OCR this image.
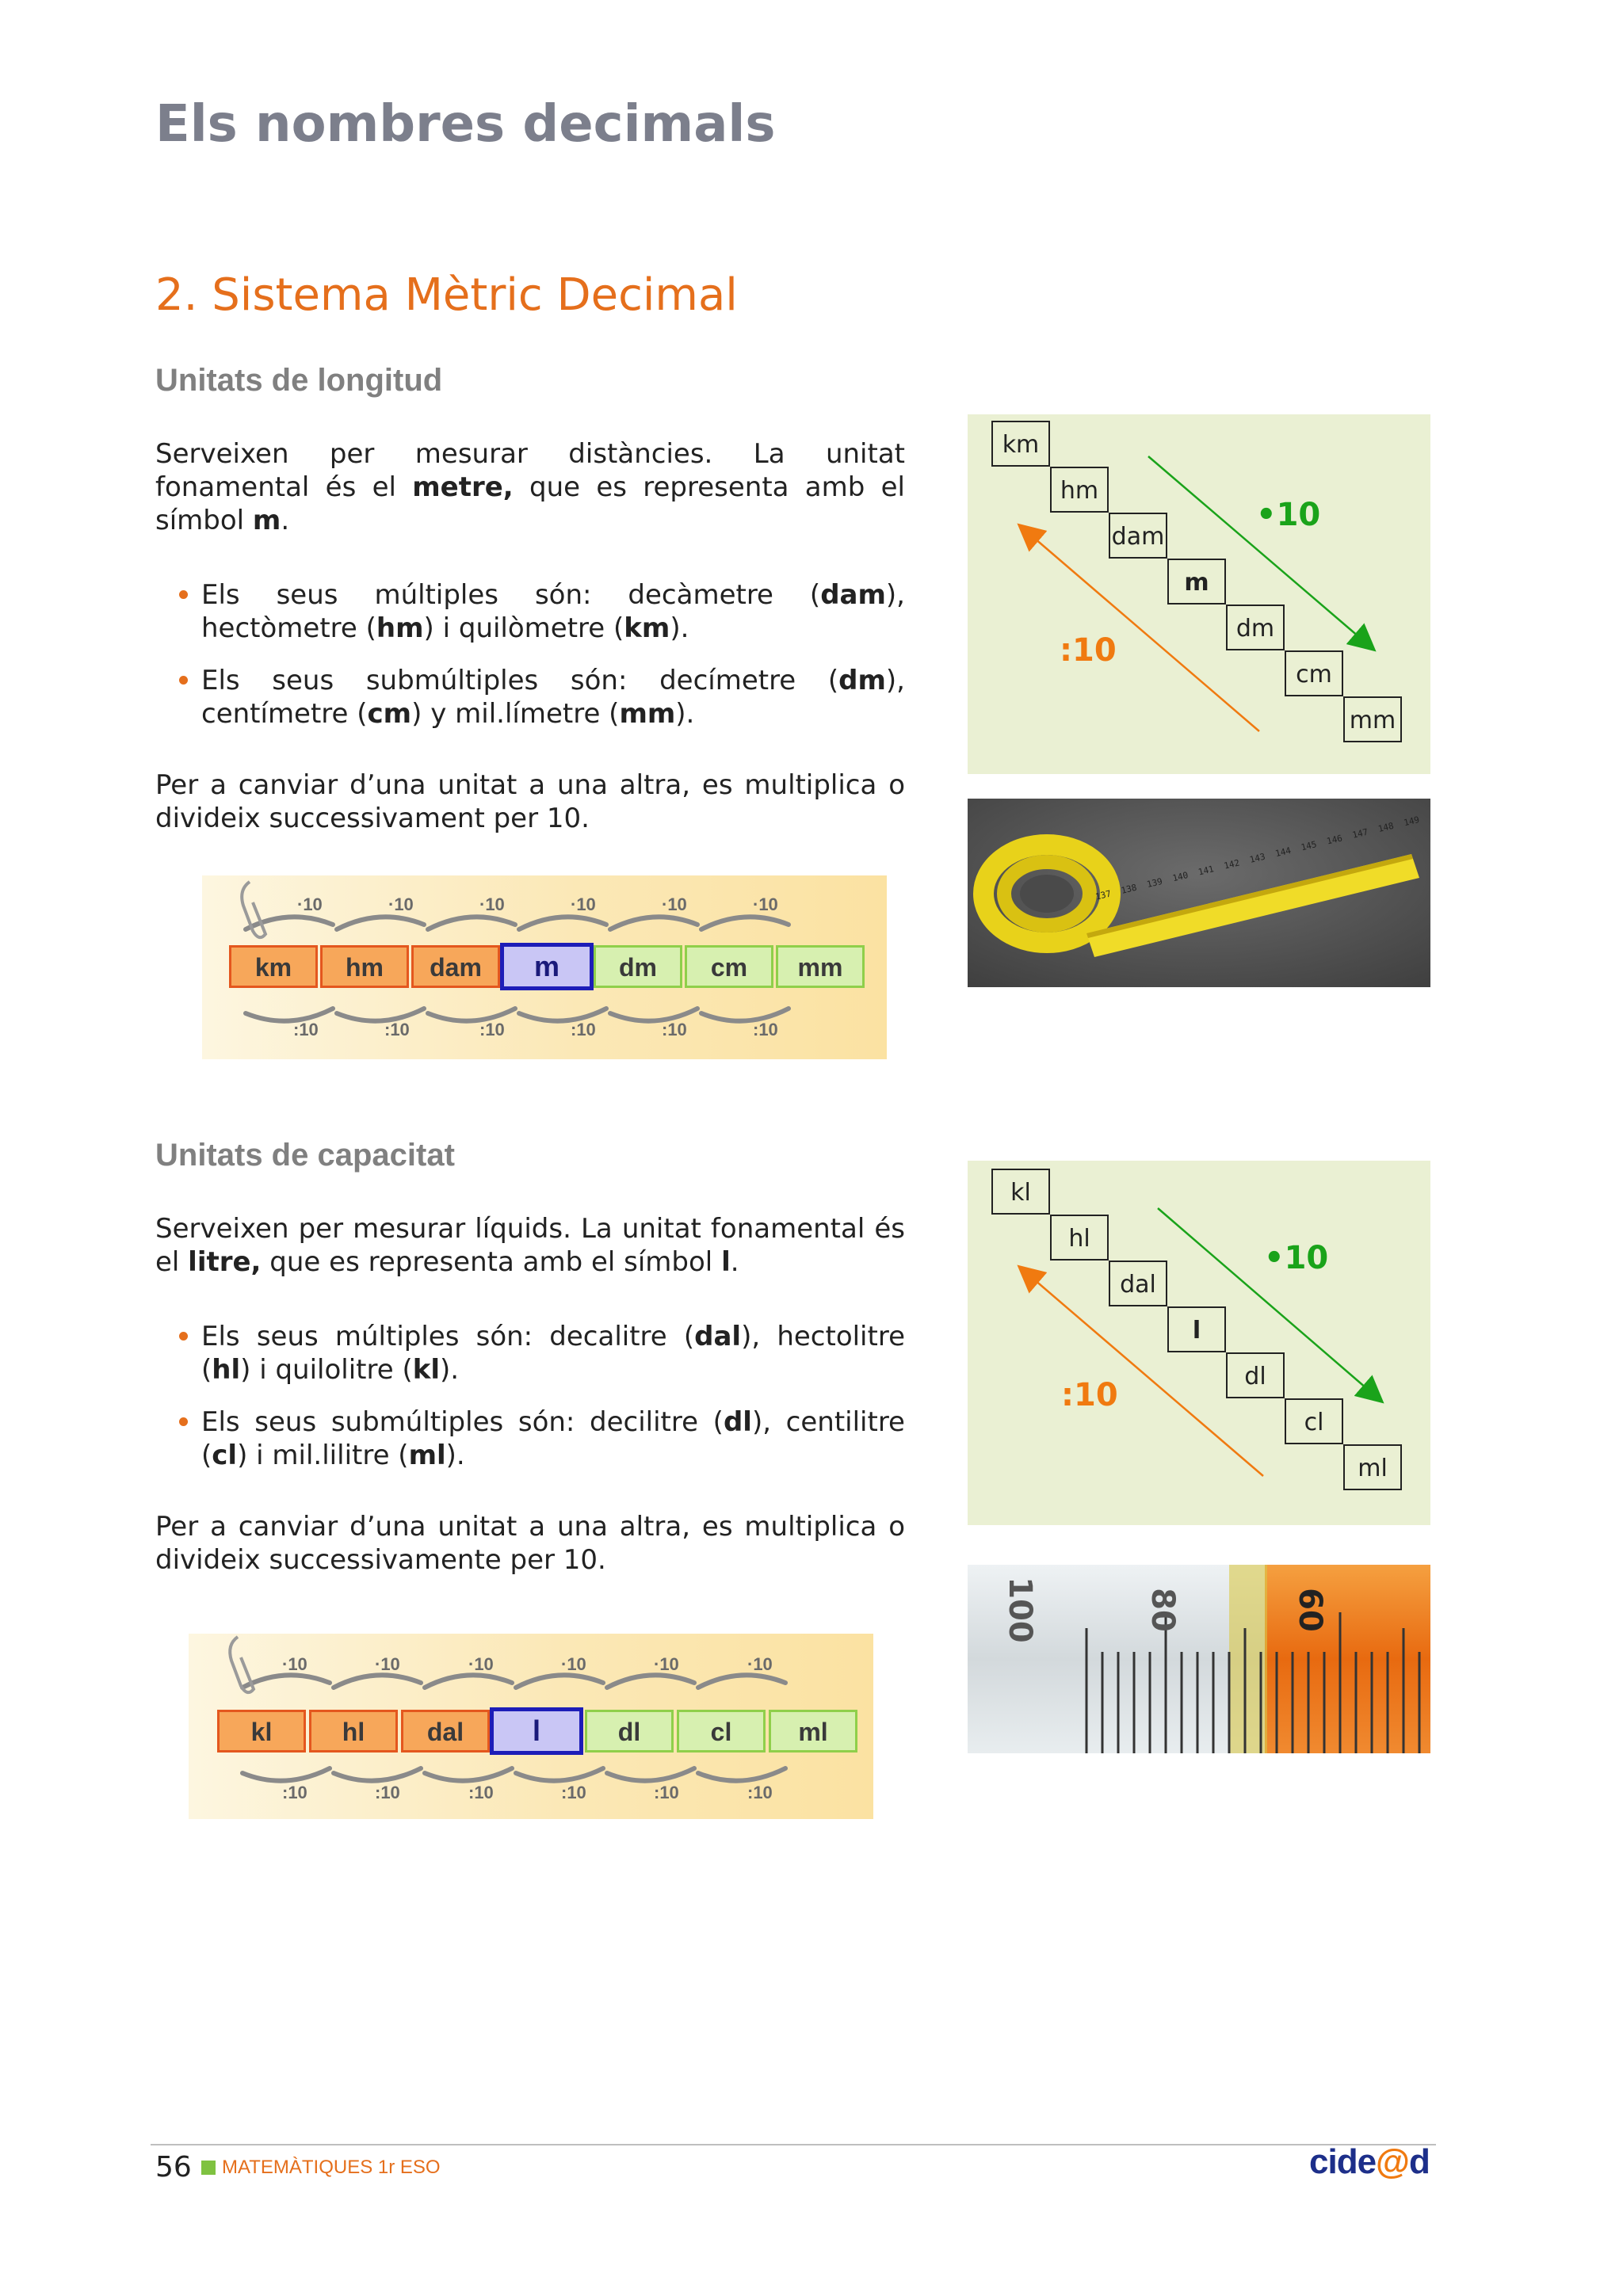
Els nombres decimals
2. Sistema Mètric Decimal
Unitats de longitud
Serveixen per mesurar distàncies. La unitat fonamental és el metre, que es representa amb el símbol m.
Els seus múltiples són: decàmetre (dam), hectòmetre (hm) i quilòmetre (km).
Els seus submúltiples són: decímetre (dm), centímetre (cm) y mil.límetre (mm).
Per a canviar d’una unitat a una altra, es multiplica o divideix successivament per 10.
km
hm
dam
m
dm
cm
mm
•10
:10
137 138 139 140 141 142 143 144 145 146 147 148 149
·10	·10	·10	·10	·10	·10
km	hm	dam	m	dm	cm	mm
:10	:10	:10	:10	:10	:10
Unitats de capacitat
Serveixen per mesurar líquids. La unitat fonamental és el litre, que es representa amb el símbol l.
Els seus múltiples són: decalitre (dal), hectolitre (hl) i quilolitre (kl).
Els seus submúltiples són: decilitre (dl), centilitre (cl) i mil.lilitre (ml).
Per a canviar d’una unitat a una altra, es multiplica o divideix successivamente per 10.
kl
hl
dal
l
dl
cl
ml
•10
:10
100	80	60
·10	·10	·10	·10	·10	·10
kl	hl	dal	l	dl	cl	ml
:10	:10	:10	:10	:10	:10
56 MATEMÀTIQUES 1r ESO	cide@d
